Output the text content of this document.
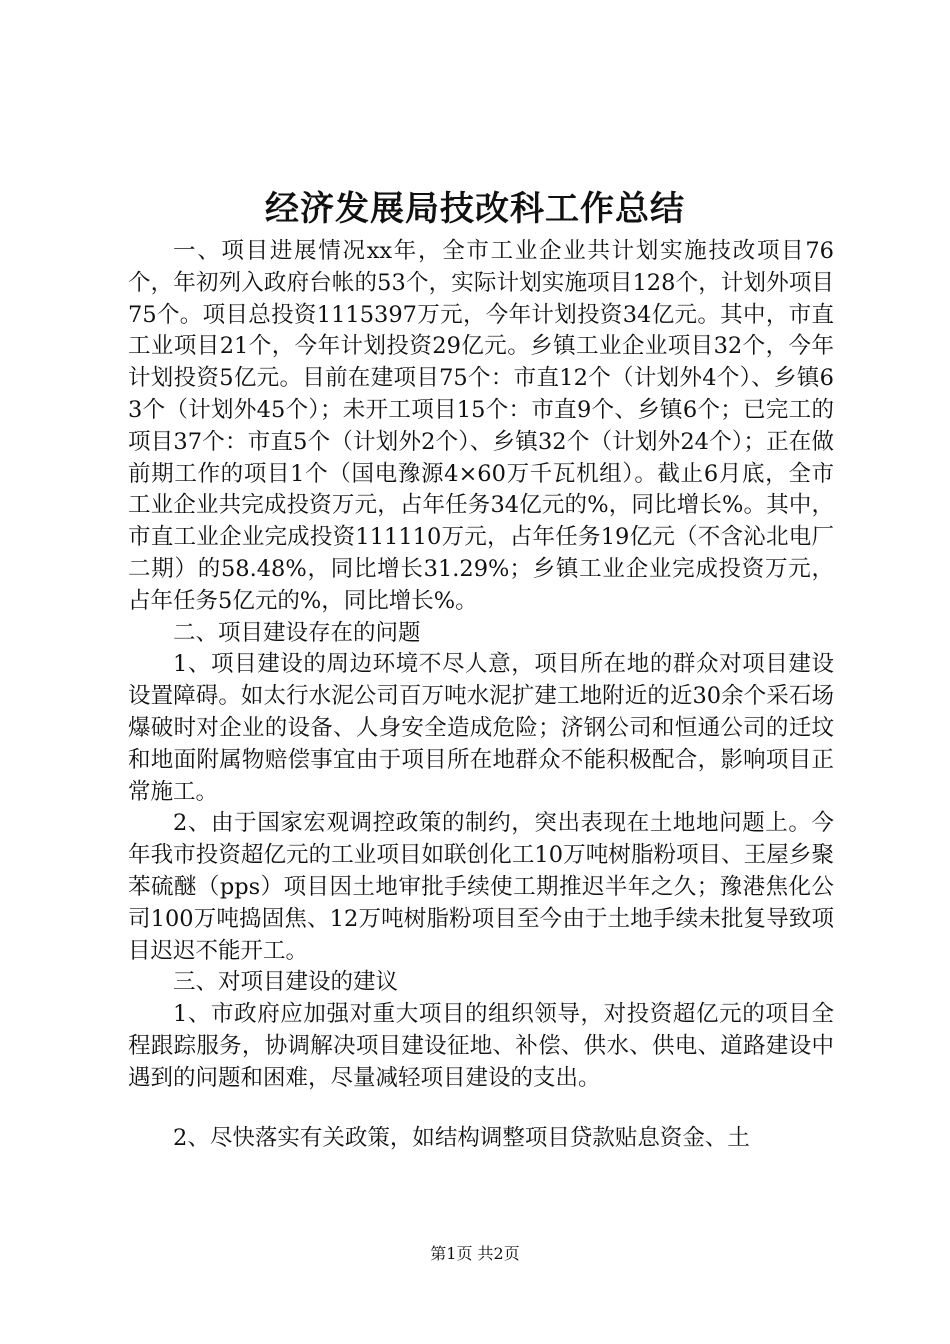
经济发展局技改科工作总结

一、项目进展情况xx年，全市工业企业共计划实施技改项目76个，年初列入政府台帐的53个，实际计划实施项目128个，计划外项目75个。项目总投资1115397万元，今年计划投资34亿元。其中，市直工业项目21个，今年计划投资29亿元。乡镇工业企业项目32个，今年计划投资5亿元。目前在建项目75个：市直12个（计划外4个）、乡镇63个（计划外45个）；未开工项目15个：市直9个、乡镇6个；已完工的项目37个：市直5个（计划外2个）、乡镇32个（计划外24个）；正在做前期工作的项目1个（国电豫源4×60万千瓦机组）。截止6月底，全市工业企业共完成投资万元，占年任务34亿元的%，同比增长%。其中，市直工业企业完成投资111110万元，占年任务19亿元（不含沁北电厂二期）的58.48%，同比增长31.29%；乡镇工业企业完成投资万元，占年任务5亿元的%，同比增长%。

二、项目建设存在的问题

1、项目建设的周边环境不尽人意，项目所在地的群众对项目建设设置障碍。如太行水泥公司百万吨水泥扩建工地附近的近30余个采石场爆破时对企业的设备、人身安全造成危险；济钢公司和恒通公司的迁坟和地面附属物赔偿事宜由于项目所在地群众不能积极配合，影响项目正常施工。

2、由于国家宏观调控政策的制约，突出表现在土地地问题上。今年我市投资超亿元的工业项目如联创化工10万吨树脂粉项目、王屋乡聚苯硫醚（pps）项目因土地审批手续使工期推迟半年之久；豫港焦化公司100万吨捣固焦、12万吨树脂粉项目至今由于土地手续未批复导致项目迟迟不能开工。

三、对项目建设的建议

1、市政府应加强对重大项目的组织领导，对投资超亿元的项目全程跟踪服务，协调解决项目建设征地、补偿、供水、供电、道路建设中遇到的问题和困难，尽量减轻项目建设的支出。

2、尽快落实有关政策，如结构调整项目贷款贴息资金、土

第1页 共2页
